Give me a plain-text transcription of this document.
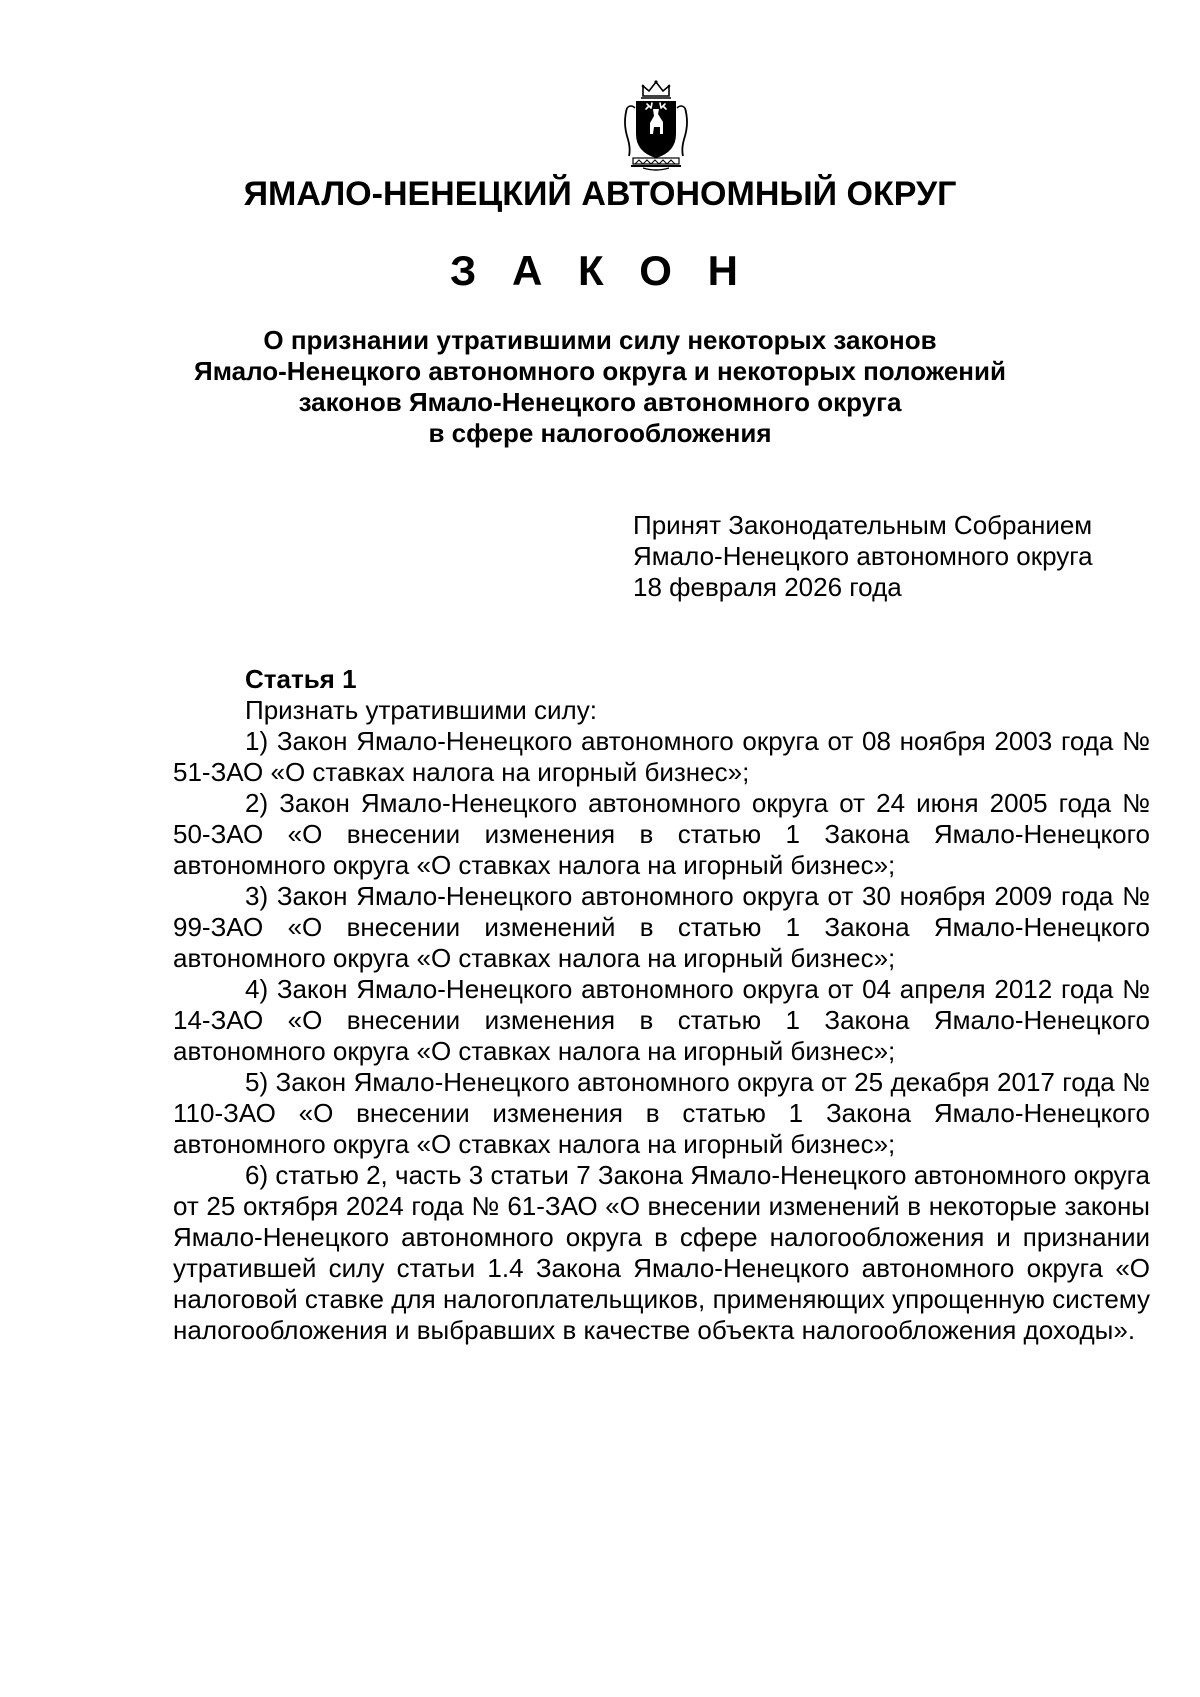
ЯМАЛО-НЕНЕЦКИЙ АВТОНОМНЫЙ ОКРУГ
З А К О Н
О признании утратившими силу некоторых законов
Ямало-Ненецкого автономного округа и некоторых положений
законов Ямало-Ненецкого автономного округа
в сфере налогообложения
Принят Законодательным Собранием
Ямало-Ненецкого автономного округа
18 февраля 2026 года
Статья 1
Признать утратившими силу:

1) Закон Ямало-Ненецкого автономного округа от 08 ноября 2003 года № 51-ЗАО «О ставках налога на игорный бизнес»;

2) Закон Ямало-Ненецкого автономного округа от 24 июня 2005 года № 50-ЗАО «О внесении изменения в статью 1 Закона Ямало-Ненецкого автономного округа «О ставках налога на игорный бизнес»;

3) Закон Ямало-Ненецкого автономного округа от 30 ноября 2009 года № 99-ЗАО «О внесении изменений в статью 1 Закона Ямало-Ненецкого автономного округа «О ставках налога на игорный бизнес»;

4) Закон Ямало-Ненецкого автономного округа от 04 апреля 2012 года № 14-ЗАО «О внесении изменения в статью 1 Закона Ямало-Ненецкого автономного округа «О ставках налога на игорный бизнес»;

5) Закон Ямало-Ненецкого автономного округа от 25 декабря 2017 года № 110-ЗАО «О внесении изменения в статью 1 Закона Ямало-Ненецкого автономного округа «О ставках налога на игорный бизнес»;

6) статью 2, часть 3 статьи 7 Закона Ямало-Ненецкого автономного округа от 25 октября 2024 года № 61-ЗАО «О внесении изменений в некоторые законы Ямало-Ненецкого автономного округа в сфере налогообложения и признании утратившей силу статьи 1.4 Закона Ямало-Ненецкого автономного округа «О налоговой ставке для налогоплательщиков, применяющих упрощенную систему налогообложения и выбравших в качестве объекта налогообложения доходы».
